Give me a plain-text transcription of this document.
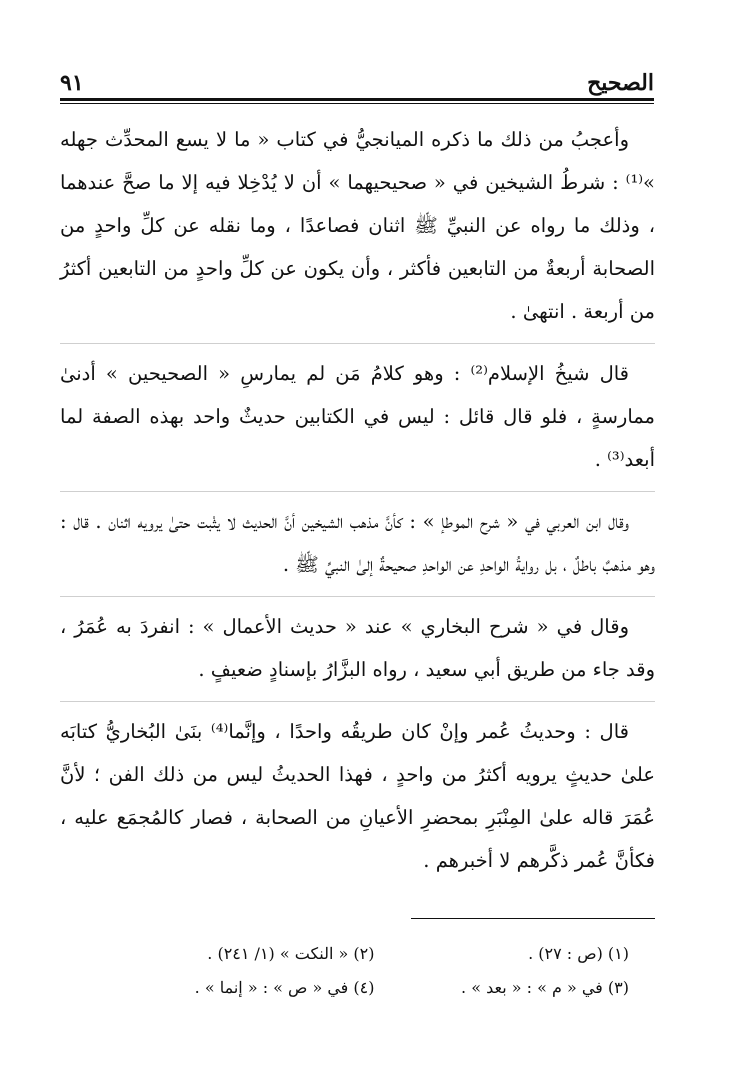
الصحيح
٩١

وأعجبُ من ذلك ما ذكره الميانجيُّ في كتاب « ما لا يسع المحدِّث جهله »⁽¹⁾ : شرطُ الشيخين في « صحيحيهما » أن لا يُدْخِلا فيه إلا ما صحَّ عندهما ، وذلك ما رواه عن النبيِّ ﷺ اثنان فصاعدًا ، وما نقله عن كلِّ واحدٍ من الصحابة أربعةٌ من التابعين فأكثر ، وأن يكون عن كلِّ واحدٍ من التابعين أكثرُ من أربعة . انتهىٰ .

قال شيخُ الإسلام⁽²⁾ : وهو كلامُ مَن لم يمارسِ « الصحيحين » أدنىٰ ممارسةٍ ، فلو قال قائل : ليس في الكتابين حديثٌ واحد بهذه الصفة لما أبعد⁽³⁾ .

وقال ابن العربي في « شرح الموطإ » : كأنَّ مذهب الشيخين أنَّ الحديث لا يثْبت حتىٰ يرويه اثنان . قال : وهو مذهبٌ باطلٌ ، بل روايةُ الواحدِ عن الواحدِ صحيحةٌ إلىٰ النبيِّ ﷺ .

وقال في « شرح البخاري » عند « حديث الأعمال » : انفردَ به عُمَرُ ، وقد جاء من طريق أبي سعيد ، رواه البزَّارُ بإسنادٍ ضعيفٍ .

قال : وحديثُ عُمر وإنْ كان طريقُه واحدًا ، وإنَّما⁽⁴⁾ بنَىٰ البُخاريُّ كتابَه علىٰ حديثٍ يرويه أكثرُ من واحدٍ ، فهذا الحديثُ ليس من ذلك الفن ؛ لأنَّ عُمَرَ قاله علىٰ المِنْبَرِ بمحضرِ الأعيانِ من الصحابة ، فصار كالمُجمَع عليه ، فكأنَّ عُمر ذكَّرهم لا أخبرهم .

(١) (ص : ٢٧) .
(٢) « النكت » (١/ ٢٤١) .
(٣) في « م » : « بعد » .
(٤) في « ص » : « إنما » .
